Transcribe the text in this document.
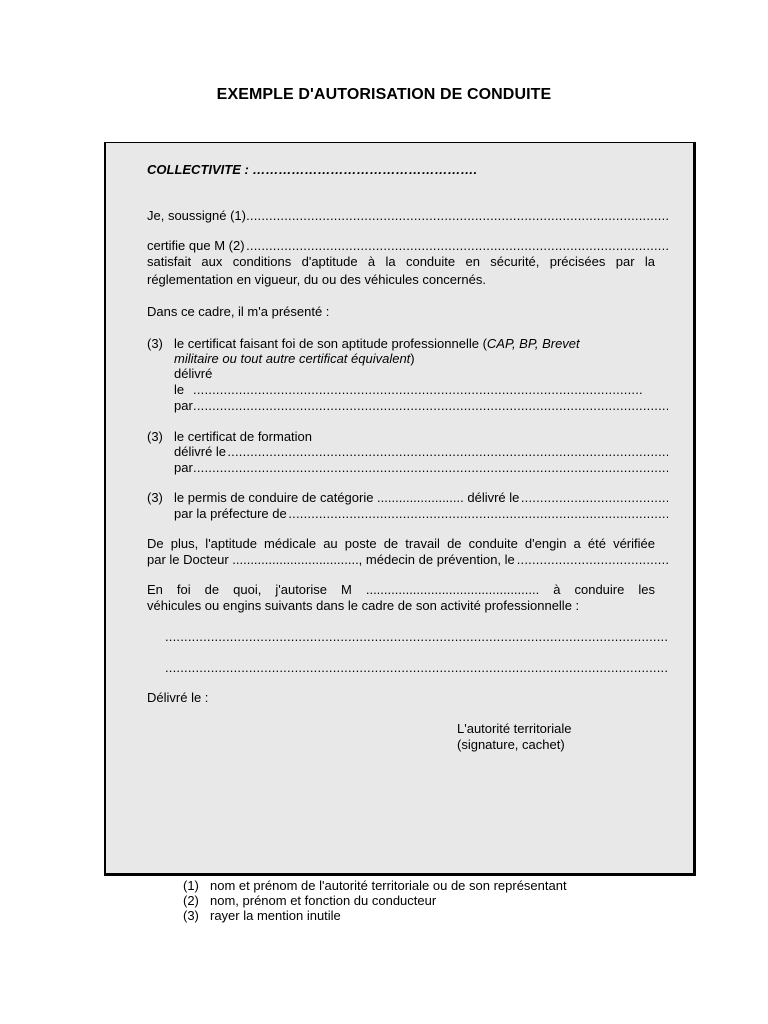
EXEMPLE D'AUTORISATION DE CONDUITE
COLLECTIVITE : …………………………………………….
Je, soussigné (1) .....
certifie que M (2) .....
satisfait aux conditions d'aptitude à la conduite en sécurité, précisées par la
réglementation en vigueur, du ou des véhicules concernés.
Dans ce cadre, il m'a présenté :
(3) le certificat faisant foi de son aptitude professionnelle (CAP, BP, Brevet
militaire ou tout autre certificat équivalent)
délivré
le .....
par .....
(3) le certificat de formation
délivré le .....
par .....
(3) le permis de conduire de catégorie ........................ délivré le .....
par la préfecture de .....
De plus, l'aptitude médicale au poste de travail de conduite d'engin a été vérifiée
par le Docteur ..................................., médecin de prévention, le .....
En foi de quoi, j'autorise M ................................................ à conduire les
véhicules ou engins suivants dans le cadre de son activité professionnelle :
.....
.....
Délivré le :
L'autorité territoriale
(signature, cachet)
(1) nom et prénom de l'autorité territoriale ou de son représentant
(2) nom, prénom et fonction du conducteur
(3) rayer la mention inutile
